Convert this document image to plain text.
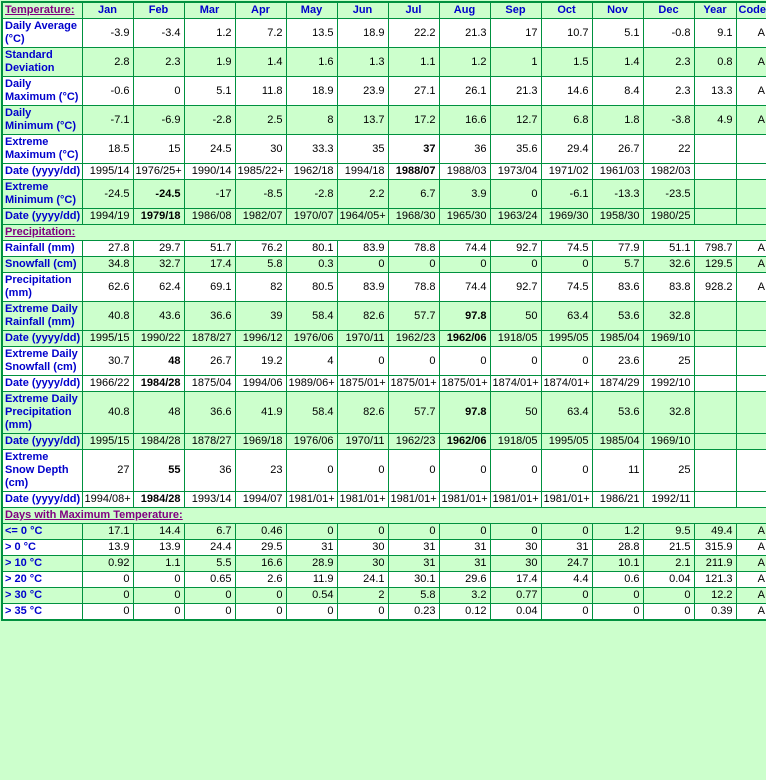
Temperature:	Jan	Feb	Mar	Apr	May	Jun	Jul	Aug	Sep	Oct	Nov	Dec	Year	Code
Daily Average (°C)	-3.9	-3.4	1.2	7.2	13.5	18.9	22.2	21.3	17	10.7	5.1	-0.8	9.1	A
Standard Deviation	2.8	2.3	1.9	1.4	1.6	1.3	1.1	1.2	1	1.5	1.4	2.3	0.8	A
Daily Maximum (°C)	-0.6	0	5.1	11.8	18.9	23.9	27.1	26.1	21.3	14.6	8.4	2.3	13.3	A
Daily Minimum (°C)	-7.1	-6.9	-2.8	2.5	8	13.7	17.2	16.6	12.7	6.8	1.8	-3.8	4.9	A
Extreme Maximum (°C)	18.5	15	24.5	30	33.3	35	37	36	35.6	29.4	26.7	22		
Date (yyyy/dd)	1995/14	1976/25+	1990/14	1985/22+	1962/18	1994/18	1988/07	1988/03	1973/04	1971/02	1961/03	1982/03		
Extreme Minimum (°C)	-24.5	-24.5	-17	-8.5	-2.8	2.2	6.7	3.9	0	-6.1	-13.3	-23.5		
Date (yyyy/dd)	1994/19	1979/18	1986/08	1982/07	1970/07	1964/05+	1968/30	1965/30	1963/24	1969/30	1958/30	1980/25		
Precipitation:														
Rainfall (mm)	27.8	29.7	51.7	76.2	80.1	83.9	78.8	74.4	92.7	74.5	77.9	51.1	798.7	A
Snowfall (cm)	34.8	32.7	17.4	5.8	0.3	0	0	0	0	0	5.7	32.6	129.5	A
Precipitation (mm)	62.6	62.4	69.1	82	80.5	83.9	78.8	74.4	92.7	74.5	83.6	83.8	928.2	A
Extreme Daily Rainfall (mm)	40.8	43.6	36.6	39	58.4	82.6	57.7	97.8	50	63.4	53.6	32.8		
Date (yyyy/dd)	1995/15	1990/22	1878/27	1996/12	1976/06	1970/11	1962/23	1962/06	1918/05	1995/05	1985/04	1969/10		
Extreme Daily Snowfall (cm)	30.7	48	26.7	19.2	4	0	0	0	0	0	23.6	25		
Date (yyyy/dd)	1966/22	1984/28	1875/04	1994/06	1989/06+	1875/01+	1875/01+	1875/01+	1874/01+	1874/01+	1874/29	1992/10		
Extreme Daily Precipitation (mm)	40.8	48	36.6	41.9	58.4	82.6	57.7	97.8	50	63.4	53.6	32.8		
Date (yyyy/dd)	1995/15	1984/28	1878/27	1969/18	1976/06	1970/11	1962/23	1962/06	1918/05	1995/05	1985/04	1969/10		
Extreme Snow Depth (cm)	27	55	36	23	0	0	0	0	0	0	11	25		
Date (yyyy/dd)	1994/08+	1984/28	1993/14	1994/07	1981/01+	1981/01+	1981/01+	1981/01+	1981/01+	1981/01+	1986/21	1992/11		
Days with Maximum Temperature:														
<= 0 °C	17.1	14.4	6.7	0.46	0	0	0	0	0	0	1.2	9.5	49.4	A
> 0 °C	13.9	13.9	24.4	29.5	31	30	31	31	30	31	28.8	21.5	315.9	A
> 10 °C	0.92	1.1	5.5	16.6	28.9	30	31	31	30	24.7	10.1	2.1	211.9	A
> 20 °C	0	0	0.65	2.6	11.9	24.1	30.1	29.6	17.4	4.4	0.6	0.04	121.3	A
> 30 °C	0	0	0	0	0.54	2	5.8	3.2	0.77	0	0	0	12.2	A
> 35 °C	0	0	0	0	0	0	0.23	0.12	0.04	0	0	0	0.39	A
